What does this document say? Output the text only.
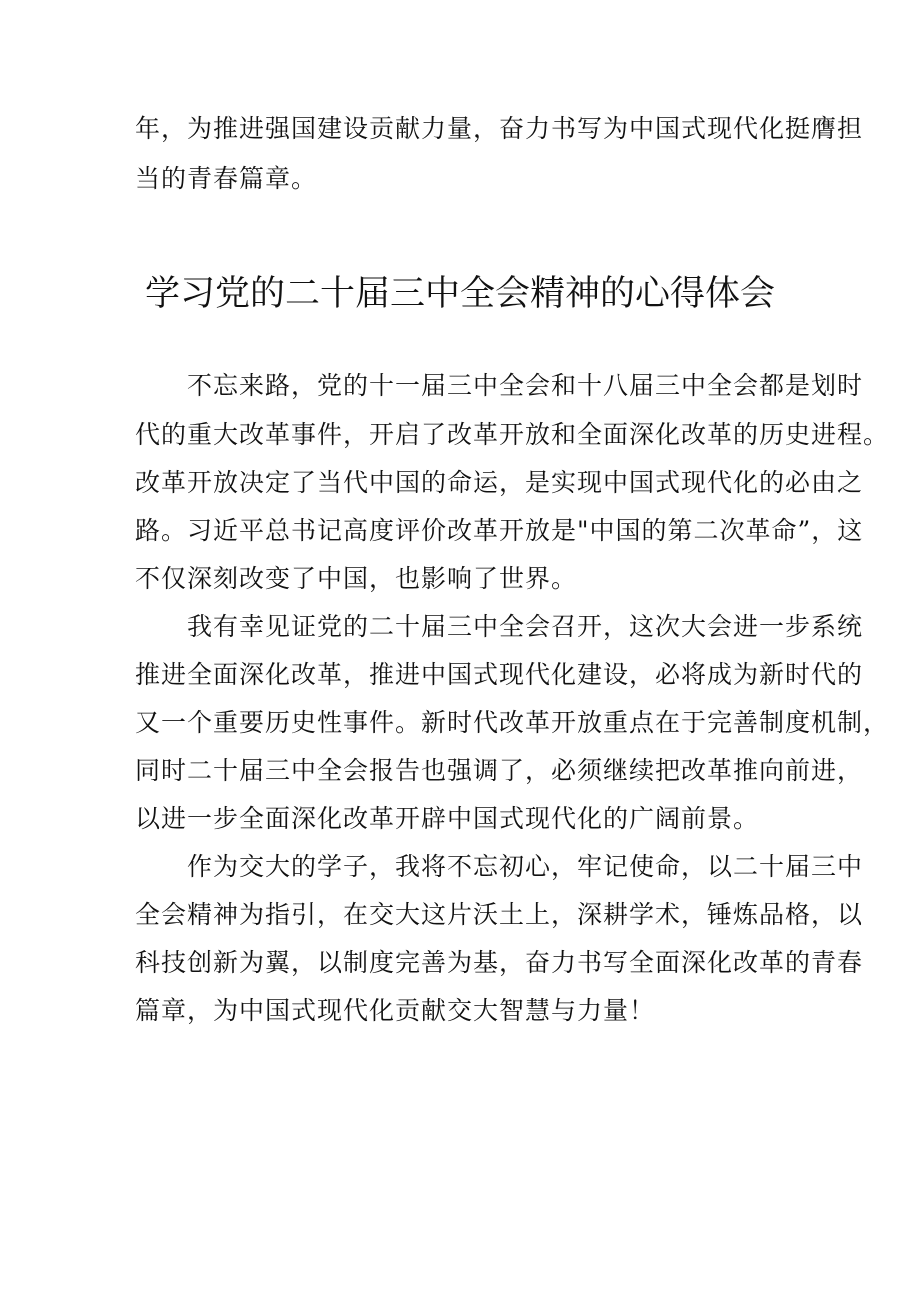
年，为推进强国建设贡献力量，奋力书写为中国式现代化挺膺担
当的青春篇章。
学习党的二十届三中全会精神的心得体会
　　不忘来路，党的十一届三中全会和十八届三中全会都是划时
代的重大改革事件，开启了改革开放和全面深化改革的历史进程。
改革开放决定了当代中国的命运，是实现中国式现代化的必由之
路。习近平总书记高度评价改革开放是"中国的第二次革命”，这
不仅深刻改变了中国，也影响了世界。
　　我有幸见证党的二十届三中全会召开，这次大会进一步系统
推进全面深化改革，推进中国式现代化建设，必将成为新时代的
又一个重要历史性事件。新时代改革开放重点在于完善制度机制，
同时二十届三中全会报告也强调了，必须继续把改革推向前进，
以进一步全面深化改革开辟中国式现代化的广阔前景。
　　作为交大的学子，我将不忘初心，牢记使命，以二十届三中
全会精神为指引，在交大这片沃土上，深耕学术，锤炼品格，以
科技创新为翼，以制度完善为基，奋力书写全面深化改革的青春
篇章，为中国式现代化贡献交大智慧与力量！
